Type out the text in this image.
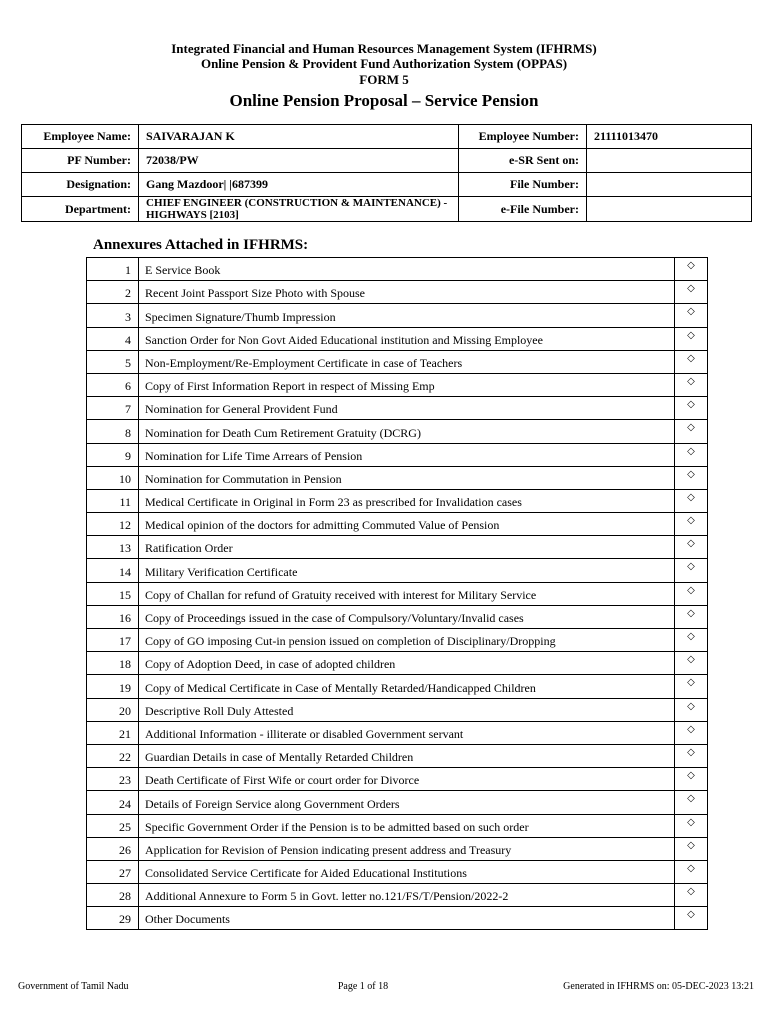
Integrated Financial and Human Resources Management System (IFHRMS)
Online Pension & Provident Fund Authorization System (OPPAS)
FORM 5
Online Pension Proposal – Service Pension
Employee Name:	SAIVARAJAN K	Employee Number:	21111013470
PF Number:	72038/PW	e-SR Sent on:	
Designation:	Gang Mazdoor| |687399	File Number:	
Department:	CHIEF ENGINEER (CONSTRUCTION & MAINTENANCE) - HIGHWAYS [2103]	e-File Number:	
Annexures Attached in IFHRMS:
1	E Service Book	◇
2	Recent Joint Passport Size Photo with Spouse	◇
3	Specimen Signature/Thumb Impression	◇
4	Sanction Order for Non Govt Aided Educational institution and Missing Employee	◇
5	Non-Employment/Re-Employment Certificate in case of Teachers	◇
6	Copy of First Information Report in respect of Missing Emp	◇
7	Nomination for General Provident Fund	◇
8	Nomination for Death Cum Retirement Gratuity (DCRG)	◇
9	Nomination for Life Time Arrears of Pension	◇
10	Nomination for Commutation in Pension	◇
11	Medical Certificate in Original in Form 23 as prescribed for Invalidation cases	◇
12	Medical opinion of the doctors for admitting Commuted Value of Pension	◇
13	Ratification Order	◇
14	Military Verification Certificate	◇
15	Copy of Challan for refund of Gratuity received with interest for Military Service	◇
16	Copy of Proceedings issued in the case of Compulsory/Voluntary/Invalid cases	◇
17	Copy of GO imposing Cut-in pension issued on completion of Disciplinary/Dropping	◇
18	Copy of Adoption Deed, in case of adopted children	◇
19	Copy of Medical Certificate in Case of Mentally Retarded/Handicapped Children	◇
20	Descriptive Roll Duly Attested	◇
21	Additional Information - illiterate or disabled Government servant	◇
22	Guardian Details in case of Mentally Retarded Children	◇
23	Death Certificate of First Wife or court order for Divorce	◇
24	Details of Foreign Service along Government Orders	◇
25	Specific Government Order if the Pension is to be admitted based on such order	◇
26	Application for Revision of Pension indicating present address and Treasury	◇
27	Consolidated Service Certificate for Aided Educational Institutions	◇
28	Additional Annexure to Form 5 in Govt. letter no.121/FS/T/Pension/2022-2	◇
29	Other Documents	◇
Government of Tamil Nadu	Page 1 of 18	Generated in IFHRMS on: 05-DEC-2023 13:21
